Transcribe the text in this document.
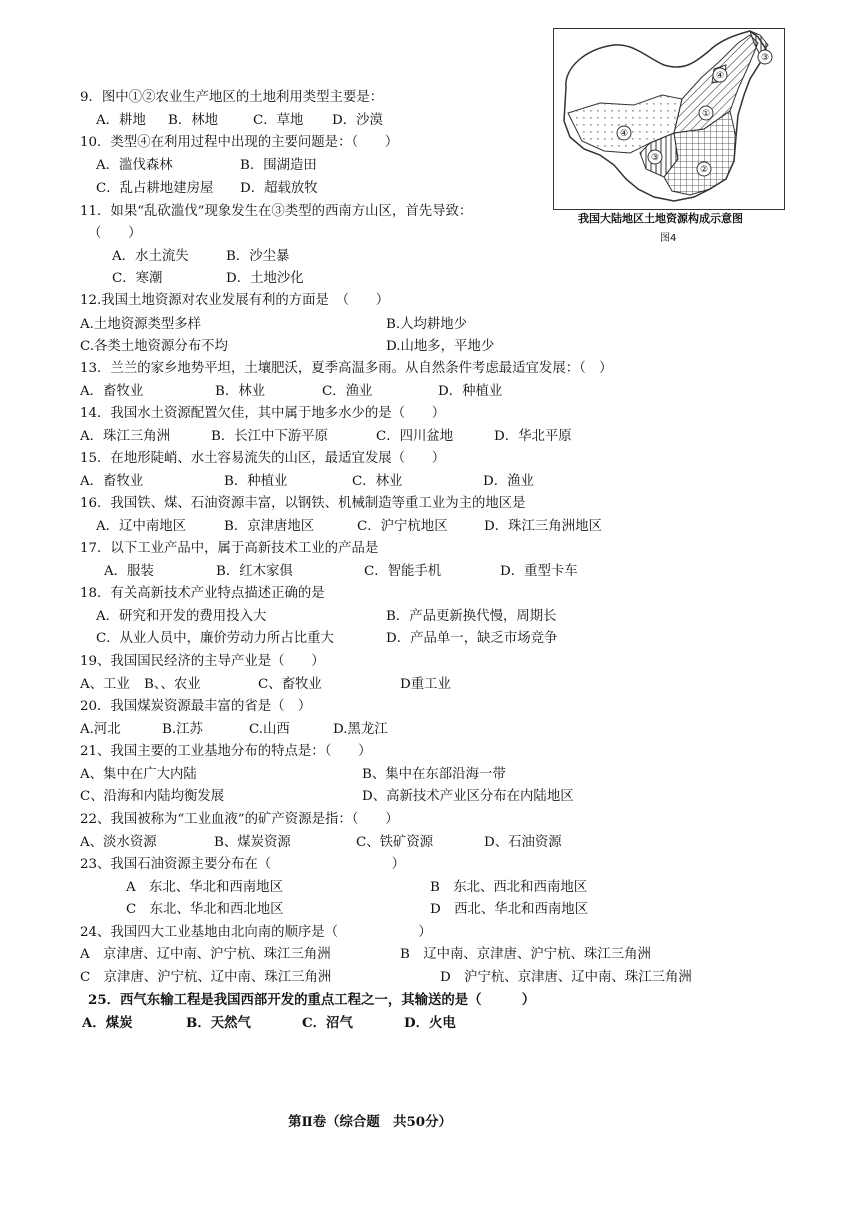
①
②
③
④
③
④
我国大陆地区土地资源构成示意图
图4
9．图中①②农业生产地区的土地利用类型主要是：
A．耕地 B．林地	C．草地 D．沙漠
10．类型④在利用过程中出现的主要问题是：（　　）
A．滥伐森林	B．围湖造田
C．乱占耕地建房屋 D．超载放牧
11．如果“乱砍滥伐”现象发生在③类型的西南方山区，首先导致：
（　　）
A．水土流失	B．沙尘暴
C．寒潮	D．土地沙化
12.我国土地资源对农业发展有利的方面是　（　　）
A.土地资源类型多样	B.人均耕地少
C.各类土地资源分布不均	D.山地多，平地少
13．兰兰的家乡地势平坦，土壤肥沃，夏季高温多雨。从自然条件考虑最适宜发展：（　）
A．畜牧业	B．林业	C．渔业	D．种植业
14．我国水土资源配置欠佳，其中属于地多水少的是（　　）
A．珠江三角洲	B．长江中下游平原	C．四川盆地	D．华北平原
15．在地形陡峭、水土容易流失的山区，最适宜发展（　　）
A．畜牧业	B．种植业	C．林业	D．渔业
16．我国铁、煤、石油资源丰富，以钢铁、机械制造等重工业为主的地区是
A．辽中南地区	B．京津唐地区	C．沪宁杭地区	D．珠江三角洲地区
17．以下工业产品中，属于高新技术工业的产品是
A．服装	B．红木家俱	C．智能手机	D．重型卡车
18．有关高新技术产业特点描述正确的是
A．研究和开发的费用投入大	B．产品更新换代慢，周期长
C．从业人员中，廉价劳动力所占比重大	D．产品单一，缺乏市场竞争
19、我国国民经济的主导产业是（　　）
A、工业 B、、农业	C、畜牧业	D重工业
20．我国煤炭资源最丰富的省是（　）
A.河北	B.江苏	C.山西	D.黑龙江
21、我国主要的工业基地分布的特点是：（　　）
A、集中在广大内陆	B、集中在东部沿海一带
C、沿海和内陆均衡发展	D、高新技术产业区分布在内陆地区
22、我国被称为“工业血液”的矿产资源是指：（　　）
A、淡水资源	B、煤炭资源	C、铁矿资源	D、石油资源
23、我国石油资源主要分布在（　　　　　　　　　）
A　东北、华北和西南地区	B　东北、西北和西南地区
C　东北、华北和西北地区	D　西北、华北和西南地区
24、我国四大工业基地由北向南的顺序是（　　　　　　）
A　京津唐、辽中南、沪宁杭、珠江三角洲	B　辽中南、京津唐、沪宁杭、珠江三角洲
C　京津唐、沪宁杭、辽中南、珠江三角洲	D　沪宁杭、京津唐、辽中南、珠江三角洲
25．西气东输工程是我国西部开发的重点工程之一，其输送的是（　　　）
A．煤炭	B．天然气	C．沼气	D．火电
第Ⅱ卷（综合题　共50分）
